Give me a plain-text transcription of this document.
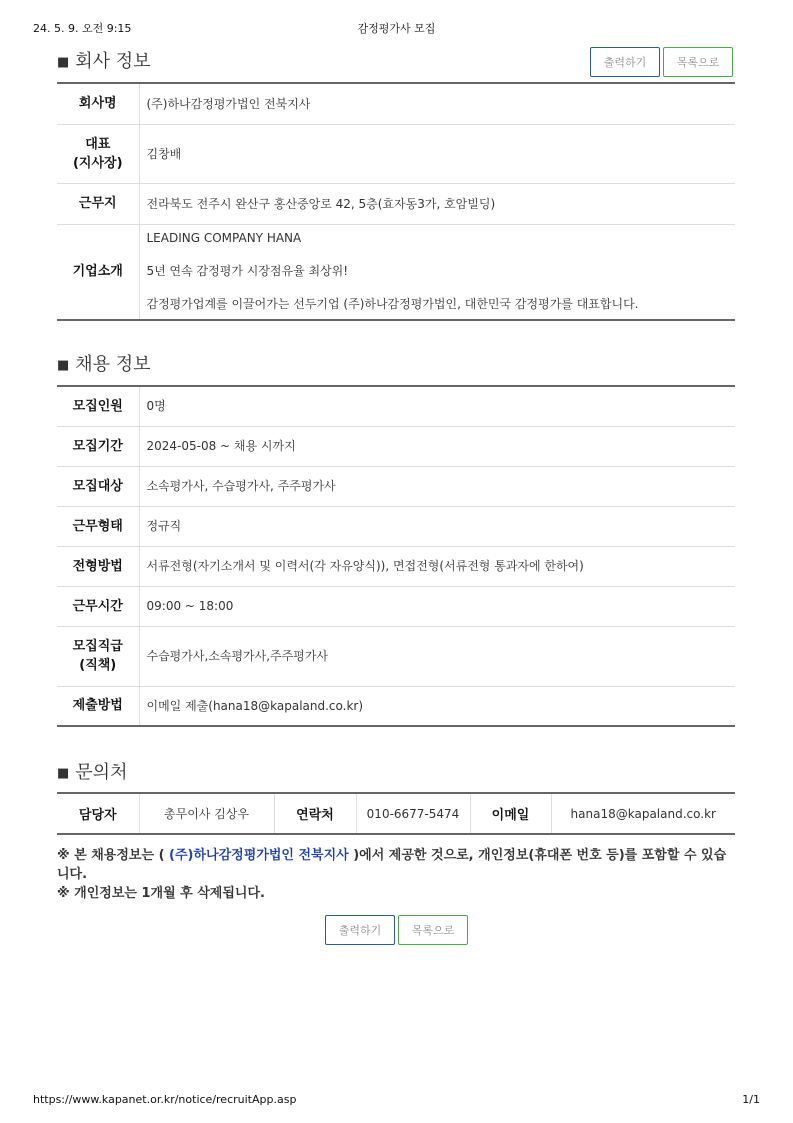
24. 5. 9. 오전 9:15	감정평가사 모집
■ 회사 정보	출력하기	목록으로
회사명	(주)하나감정평가법인 전북지사
대표
(지사장)	김창배
근무지	전라북도 전주시 완산구 홍산중앙로 42, 5층(효자동3가, 호암빌딩)
기업소개	LEADING COMPANY HANA
5년 연속 감정평가 시장점유율 최상위!
감정평가업계를 이끌어가는 선두기업 (주)하나감정평가법인, 대한민국 감정평가를 대표합니다.
■ 채용 정보
모집인원	0명
모집기간	2024-05-08 ~ 채용 시까지
모집대상	소속평가사, 수습평가사, 주주평가사
근무형태	정규직
전형방법	서류전형(자기소개서 및 이력서(각 자유양식)), 면접전형(서류전형 통과자에 한하여)
근무시간	09:00 ~ 18:00
모집직급
(직책)	수습평가사,소속평가사,주주평가사
제출방법	이메일 제출(hana18@kapaland.co.kr)
■ 문의처
담당자	총무이사 김상우	연락처	010-6677-5474	이메일	hana18@kapaland.co.kr
※ 본 채용정보는 ( (주)하나감정평가법인 전북지사 )에서 제공한 것으로, 개인정보(휴대폰 번호 등)를 포함할 수 있습니다.
※ 개인정보는 1개월 후 삭제됩니다.
출력하기	목록으로
https://www.kapanet.or.kr/notice/recruitApp.asp	1/1
